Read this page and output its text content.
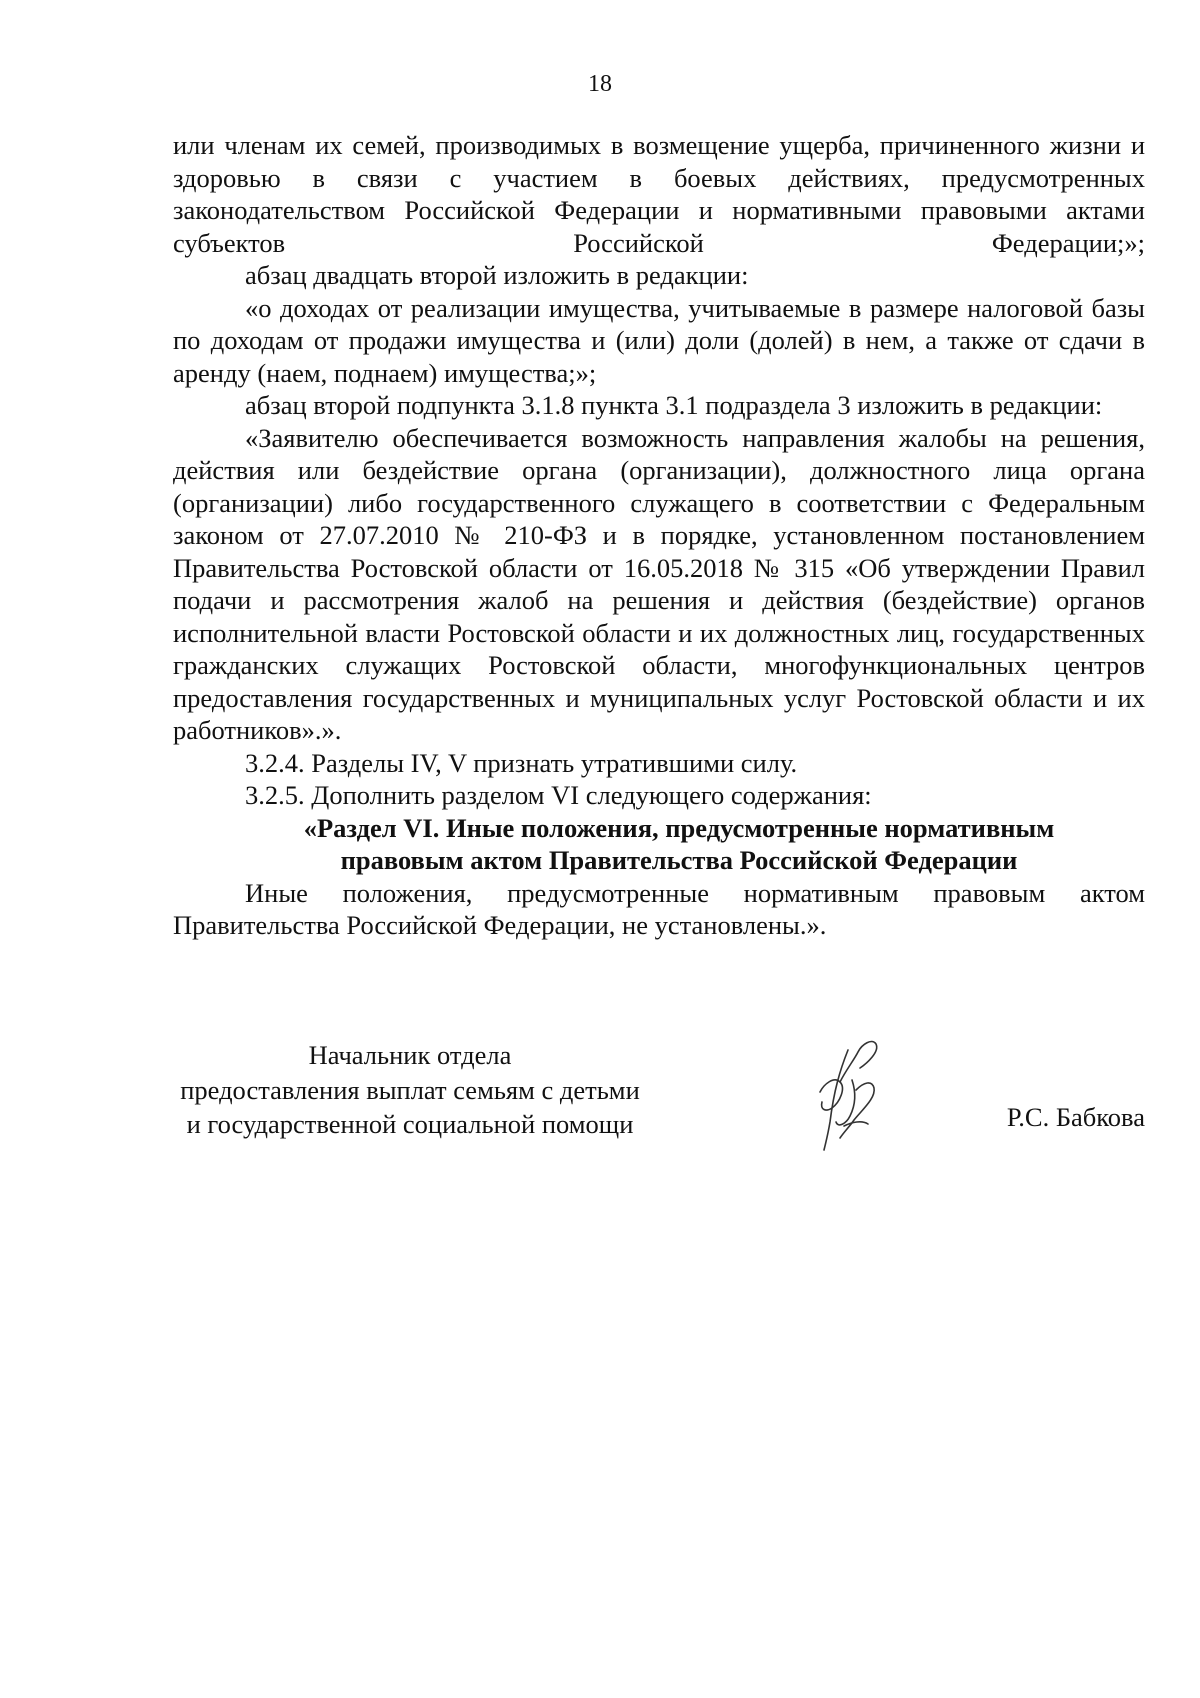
18

или членам их семей, производимых в возмещение ущерба, причиненного жизни и здоровью в связи с участием в боевых действиях, предусмотренных законодательством Российской Федерации и нормативными правовыми актами субъектов Российской Федерации;»;

абзац двадцать второй изложить в редакции:

«о доходах от реализации имущества, учитываемые в размере налоговой базы по доходам от продажи имущества и (или) доли (долей) в нем, а также от сдачи в аренду (наем, поднаем) имущества;»;

абзац второй подпункта 3.1.8 пункта 3.1 подраздела 3 изложить в редакции:

«Заявителю обеспечивается возможность направления жалобы на решения, действия или бездействие органа (организации), должностного лица органа (организации) либо государственного служащего в соответствии с Федеральным законом от 27.07.2010 № 210-ФЗ и в порядке, установленном постановлением Правительства Ростовской области от 16.05.2018 № 315 «Об утверждении Правил подачи и рассмотрения жалоб на решения и действия (бездействие) органов исполнительной власти Ростовской области и их должностных лиц, государственных гражданских служащих Ростовской области, многофункциональных центров предоставления государственных и муниципальных услуг Ростовской области и их работников».».

3.2.4. Разделы IV, V признать утратившими силу.

3.2.5. Дополнить разделом VI следующего содержания:

«Раздел VI. Иные положения, предусмотренные нормативным
правовым актом Правительства Российской Федерации

Иные положения, предусмотренные нормативным правовым актом Правительства Российской Федерации, не установлены.».

Начальник отдела
предоставления выплат семьям с детьми
и государственной социальной помощи	Р.С. Бабкова
